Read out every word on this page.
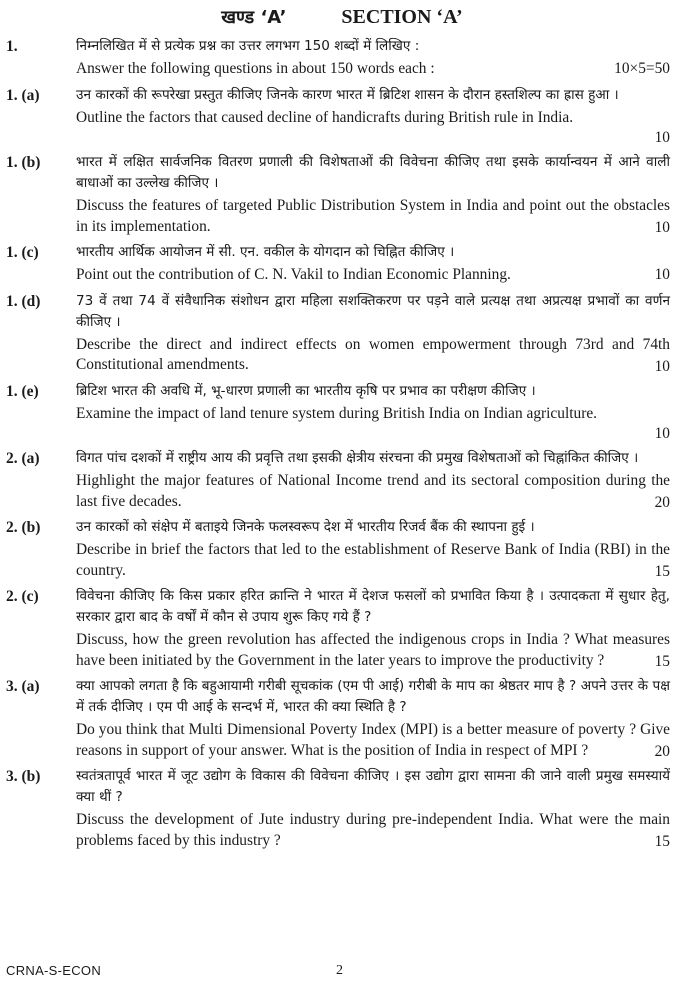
खण्ड ‘A’	SECTION ‘A’
1.	निम्नलिखित में से प्रत्येक प्रश्न का उत्तर लगभग 150 शब्दों में लिखिए :

Answer the following questions in about 150 words each :	10×5=50
1. (a)	उन कारकों की रूपरेखा प्रस्तुत कीजिए जिनके कारण भारत में ब्रिटिश शासन के दौरान हस्तशिल्प का ह्रास हुआ ।

Outline the factors that caused decline of handicrafts during British rule in India.

10

1. (b)	भारत में लक्षित सार्वजनिक वितरण प्रणाली की विशेषताओं की विवेचना कीजिए तथा इसके कार्यान्वयन में आने वाली बाधाओं का उल्लेख कीजिए ।

Discuss the features of targeted Public Distribution System in India and point out the obstacles in its implementation.	10

1. (c)	भारतीय आर्थिक आयोजन में सी. एन. वकील के योगदान को चिह्नित कीजिए ।

Point out the contribution of C. N. Vakil to Indian Economic Planning.	10
1. (d)	73 वें तथा 74 वें संवैधानिक संशोधन द्वारा महिला सशक्तिकरण पर पड़ने वाले प्रत्यक्ष तथा अप्रत्यक्ष प्रभावों का वर्णन कीजिए ।

Describe the direct and indirect effects on women empowerment through 73rd and 74th Constitutional amendments.	10

1. (e)	ब्रिटिश भारत की अवधि में, भू-धारण प्रणाली का भारतीय कृषि पर प्रभाव का परीक्षण कीजिए ।

Examine the impact of land tenure system during British India on Indian agriculture.

10

2. (a)	विगत पांच दशकों में राष्ट्रीय आय की प्रवृत्ति तथा इसकी क्षेत्रीय संरचना की प्रमुख विशेषताओं को चिह्नांकित कीजिए ।

Highlight the major features of National Income trend and its sectoral composition during the last five decades.	20

2. (b)	उन कारकों को संक्षेप में बताइये जिनके फलस्वरूप देश में भारतीय रिजर्व बैंक की स्थापना हुई ।

Describe in brief the factors that led to the establishment of Reserve Bank of India (RBI) in the country.	15

2. (c)	विवेचना कीजिए कि किस प्रकार हरित क्रान्ति ने भारत में देशज फसलों को प्रभावित किया है । उत्पादकता में सुधार हेतु, सरकार द्वारा बाद के वर्षों में कौन से उपाय शुरू किए गये हैं ?

Discuss, how the green revolution has affected the indigenous crops in India ? What measures have been initiated by the Government in the later years to improve the productivity ?	15

3. (a)	क्या आपको लगता है कि बहुआयामी गरीबी सूचकांक (एम पी आई) गरीबी के माप का श्रेष्ठतर माप है ? अपने उत्तर के पक्ष में तर्क दीजिए । एम पी आई के सन्दर्भ में, भारत की क्या स्थिति है ?

Do you think that Multi Dimensional Poverty Index (MPI) is a better measure of poverty ? Give reasons in support of your answer. What is the position of India in respect of MPI ?	20

3. (b)	स्वतंत्रतापूर्व भारत में जूट उद्योग के विकास की विवेचना कीजिए । इस उद्योग द्वारा सामना की जाने वाली प्रमुख समस्यायें क्या थीं ?

Discuss the development of Jute industry during pre-independent India. What were the main problems faced by this industry ?	15

CRNA-S-ECON	2
